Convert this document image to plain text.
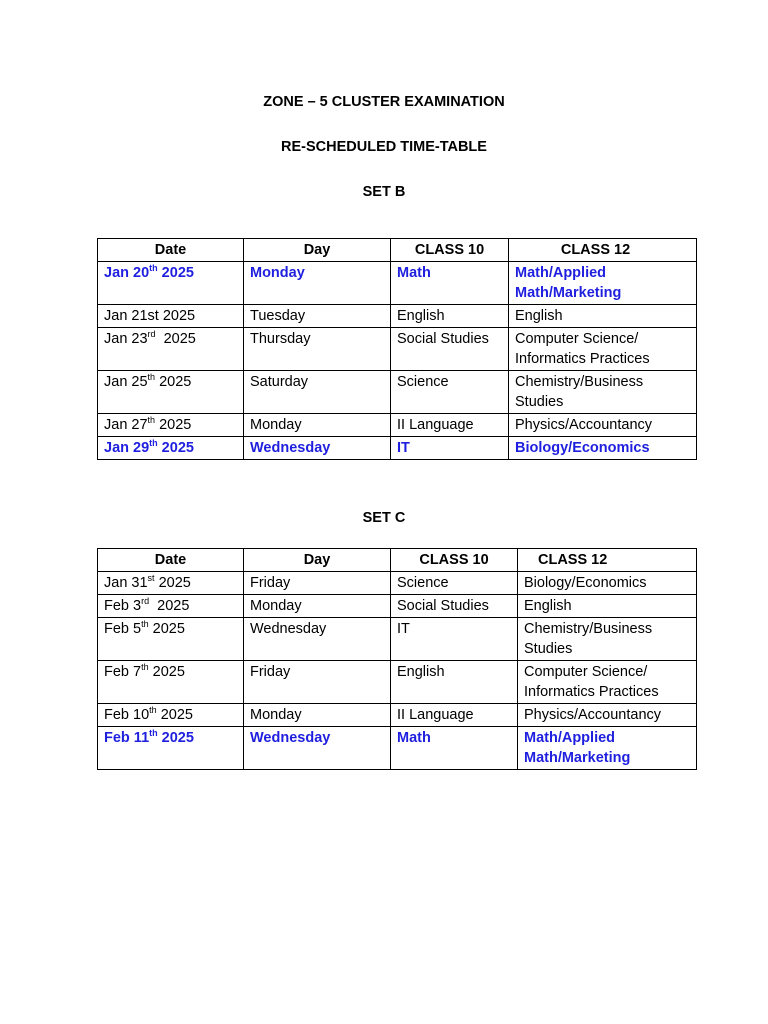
ZONE – 5 CLUSTER EXAMINATION
RE-SCHEDULED TIME-TABLE
SET B
Date	Day	CLASS 10	CLASS 12
Jan 20th 2025	Monday	Math	Math/Applied Math/Marketing
Jan 21st 2025	Tuesday	English	English
Jan 23rd  2025	Thursday	Social Studies	Computer Science/ Informatics Practices
Jan 25th 2025	Saturday	Science	Chemistry/Business Studies
Jan 27th 2025	Monday	II Language	Physics/Accountancy
Jan 29th 2025	Wednesday	IT	Biology/Economics
SET C
Date	Day	CLASS 10	CLASS 12
Jan 31st 2025	Friday	Science	Biology/Economics
Feb 3rd  2025	Monday	Social Studies	English
Feb 5th 2025	Wednesday	IT	Chemistry/Business Studies
Feb 7th 2025	Friday	English	Computer Science/ Informatics Practices
Feb 10th 2025	Monday	II Language	Physics/Accountancy
Feb 11th 2025	Wednesday	Math	Math/Applied Math/Marketing
